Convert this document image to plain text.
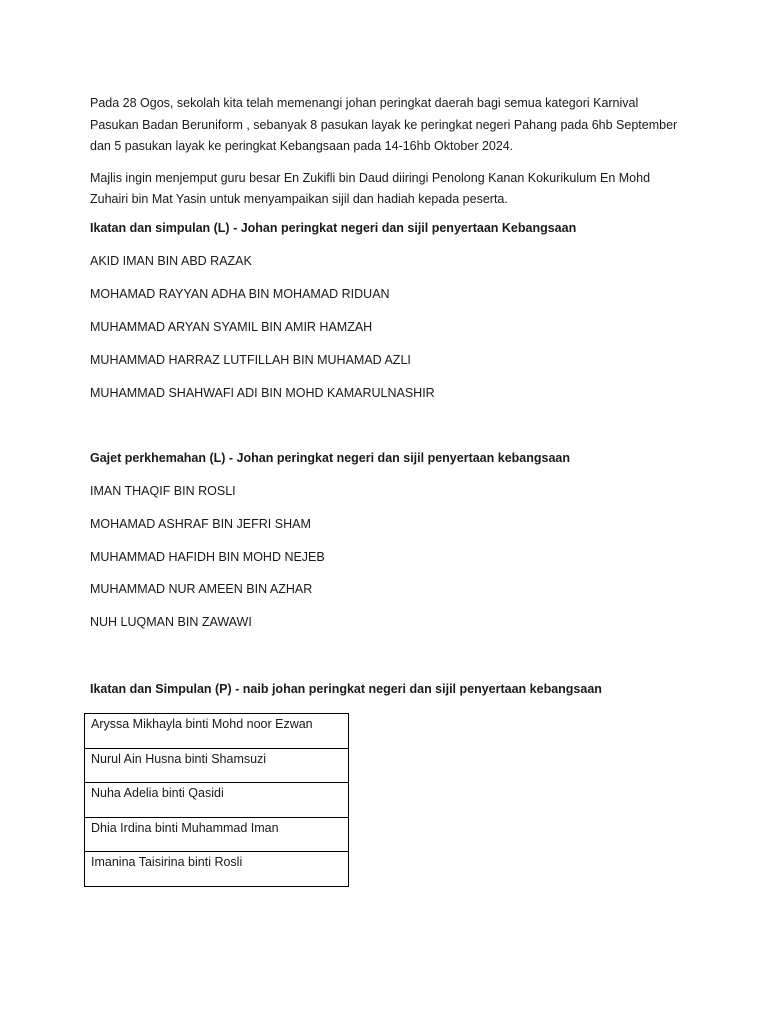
Pada 28 Ogos, sekolah kita telah memenangi johan peringkat daerah bagi semua kategori Karnival Pasukan Badan Beruniform , sebanyak 8 pasukan layak ke peringkat negeri Pahang pada 6hb September dan 5 pasukan layak ke peringkat Kebangsaan pada 14-16hb Oktober 2024.

Majlis ingin menjemput guru besar En Zukifli bin Daud diiringi Penolong Kanan Kokurikulum En Mohd Zuhairi bin Mat Yasin untuk menyampaikan sijil dan hadiah kepada peserta.

Ikatan dan simpulan (L) - Johan peringkat negeri dan sijil penyertaan Kebangsaan

AKID IMAN BIN ABD RAZAK

MOHAMAD RAYYAN ADHA BIN MOHAMAD RIDUAN

MUHAMMAD ARYAN SYAMIL BIN AMIR HAMZAH

MUHAMMAD HARRAZ LUTFILLAH BIN MUHAMAD AZLI

MUHAMMAD SHAHWAFI ADI BIN MOHD KAMARULNASHIR

Gajet perkhemahan (L) - Johan peringkat negeri dan sijil penyertaan kebangsaan

IMAN THAQIF BIN ROSLI

MOHAMAD ASHRAF BIN JEFRI SHAM

MUHAMMAD HAFIDH BIN MOHD NEJEB

MUHAMMAD NUR AMEEN BIN AZHAR

NUH LUQMAN BIN ZAWAWI

Ikatan dan Simpulan (P) - naib johan peringkat negeri dan sijil penyertaan kebangsaan

Aryssa Mikhayla binti Mohd noor Ezwan
Nurul Ain Husna binti Shamsuzi
Nuha Adelia binti Qasidi
Dhia Irdina binti Muhammad Iman
Imanina Taisirina binti Rosli
